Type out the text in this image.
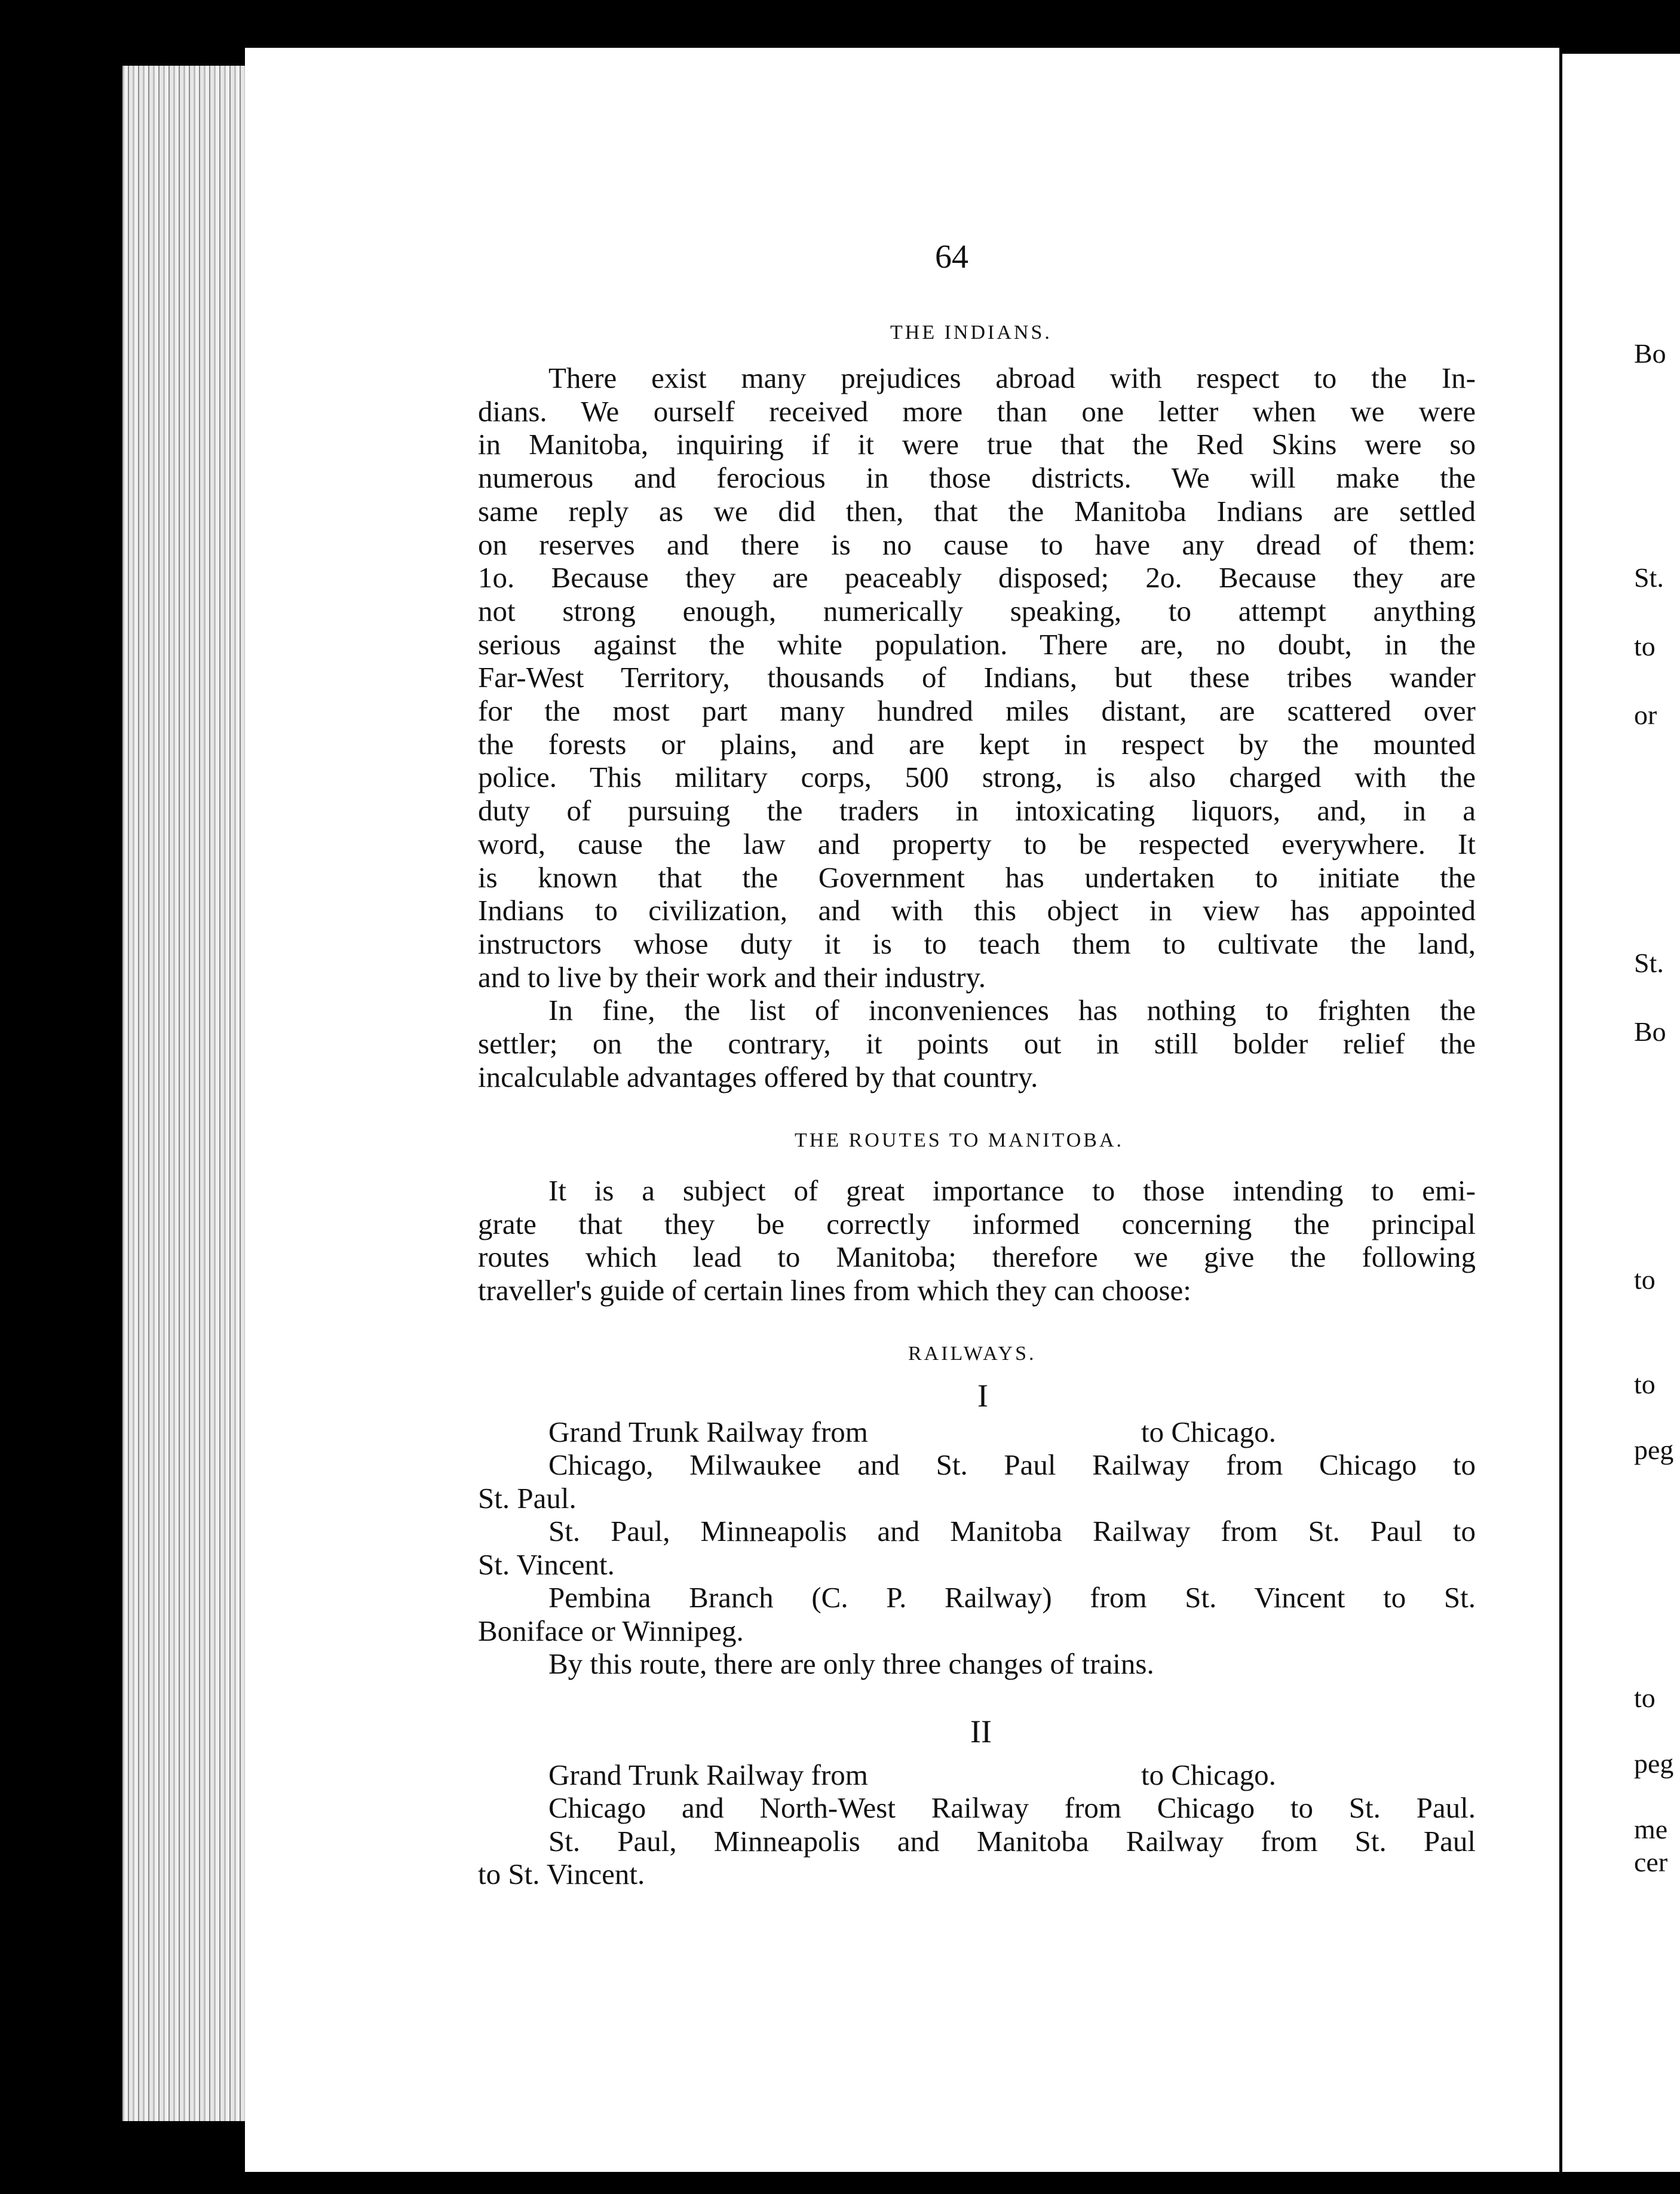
64
THE INDIANS.
There exist many prejudices abroad with respect to the In-
dians. We ourself received more than one letter when we were
in Manitoba, inquiring if it were true that the Red Skins were so
numerous and ferocious in those districts. We will make the
same reply as we did then, that the Manitoba Indians are settled
on reserves and there is no cause to have any dread of them:
1o. Because they are peaceably disposed; 2o. Because they are
not strong enough, numerically speaking, to attempt anything
serious against the white population. There are, no doubt, in the
Far-West Territory, thousands of Indians, but these tribes wander
for the most part many hundred miles distant, are scattered over
the forests or plains, and are kept in respect by the mounted
police. This military corps, 500 strong, is also charged with the
duty of pursuing the traders in intoxicating liquors, and, in a
word, cause the law and property to be respected everywhere. It
is known that the Government has undertaken to initiate the
Indians to civilization, and with this object in view has appointed
instructors whose duty it is to teach them to cultivate the land,
and to live by their work and their industry.
In fine, the list of inconveniences has nothing to frighten the
settler; on the contrary, it points out in still bolder relief the
incalculable advantages offered by that country.
THE ROUTES TO MANITOBA.
It is a subject of great importance to those intending to emi-
grate that they be correctly informed concerning the principal
routes which lead to Manitoba; therefore we give the following
traveller's guide of certain lines from which they can choose:
RAILWAYS.
I
Grand Trunk Railway from	to Chicago.
Chicago, Milwaukee and St. Paul Railway from Chicago to
St. Paul.
St. Paul, Minneapolis and Manitoba Railway from St. Paul to
St. Vincent.
Pembina Branch (C. P. Railway) from St. Vincent to St.
Boniface or Winnipeg.
By this route, there are only three changes of trains.
II
Grand Trunk Railway from	to Chicago.
Chicago and North-West Railway from Chicago to St. Paul.
St. Paul, Minneapolis and Manitoba Railway from St. Paul
to St. Vincent.
Bo
St.
to
or
St.
Bo
to
to
peg
to
peg
me
cer
